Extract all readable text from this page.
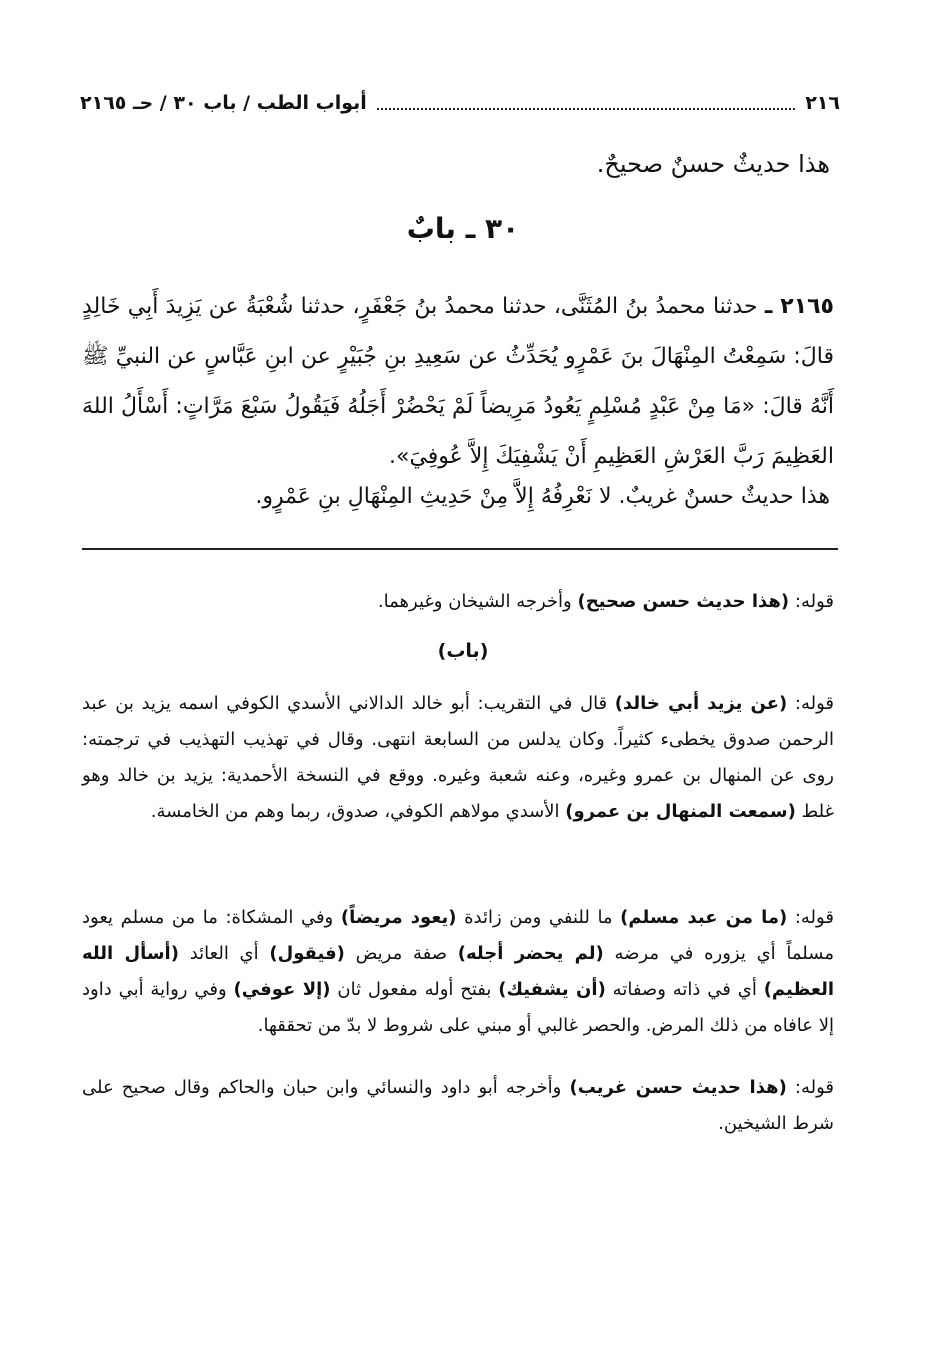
٢١٦
أبواب الطب / باب ٣٠ / حـ ٢١٦٥
هذا حديثٌ حسنٌ صحيحٌ.
٣٠ ـ بابٌ
٢١٦٥ ـ حدثنا محمدُ بنُ المُثَنَّى، حدثنا محمدُ بنُ جَعْفَرٍ، حدثنا شُعْبَةُ عن يَزِيدَ أَبِي خَالِدٍ قالَ: سَمِعْتُ المِنْهَالَ بنَ عَمْرٍو يُحَدِّثُ عن سَعِيدِ بنِ جُبَيْرٍ عن ابنِ عَبَّاسٍ عن النبيِّ ﷺ أَنَّهُ قالَ: «مَا مِنْ عَبْدٍ مُسْلِمٍ يَعُودُ مَرِيضاً لَمْ يَحْضُرْ أَجَلُهُ فَيَقُولُ سَبْعَ مَرَّاتٍ: أَسْأَلُ اللهَ العَظِيمَ رَبَّ العَرْشِ العَظِيمِ أَنْ يَشْفِيَكَ إِلاَّ عُوفِيَ».
هذا حديثٌ حسنٌ غريبٌ. لا نَعْرِفُهُ إِلاَّ مِنْ حَدِيثِ المِنْهَالِ بنِ عَمْرٍو.
قوله: (هذا حديث حسن صحيح) وأخرجه الشيخان وغيرهما.
(باب)
قوله: (عن يزيد أبي خالد) قال في التقريب: أبو خالد الدالاني الأسدي الكوفي اسمه يزيد بن عبد الرحمن صدوق يخطىء كثيراً. وكان يدلس من السابعة انتهى. وقال في تهذيب التهذيب في ترجمته: روى عن المنهال بن عمرو وغيره، وعنه شعبة وغيره. ووقع في النسخة الأحمدية: يزيد بن خالد وهو غلط (سمعت المنهال بن عمرو) الأسدي مولاهم الكوفي، صدوق، ربما وهم من الخامسة.
قوله: (ما من عبد مسلم) ما للنفي ومن زائدة (يعود مريضاً) وفي المشكاة: ما من مسلم يعود مسلماً أي يزوره في مرضه (لم يحضر أجله) صفة مريض (فيقول) أي العائد (أسأل الله العظيم) أي في ذاته وصفاته (أن يشفيك) بفتح أوله مفعول ثان (إلا عوفي) وفي رواية أبي داود إلا عافاه من ذلك المرض. والحصر غالبي أو مبني على شروط لا بدّ من تحققها.
قوله: (هذا حديث حسن غريب) وأخرجه أبو داود والنسائي وابن حبان والحاكم وقال صحيح على شرط الشيخين.
